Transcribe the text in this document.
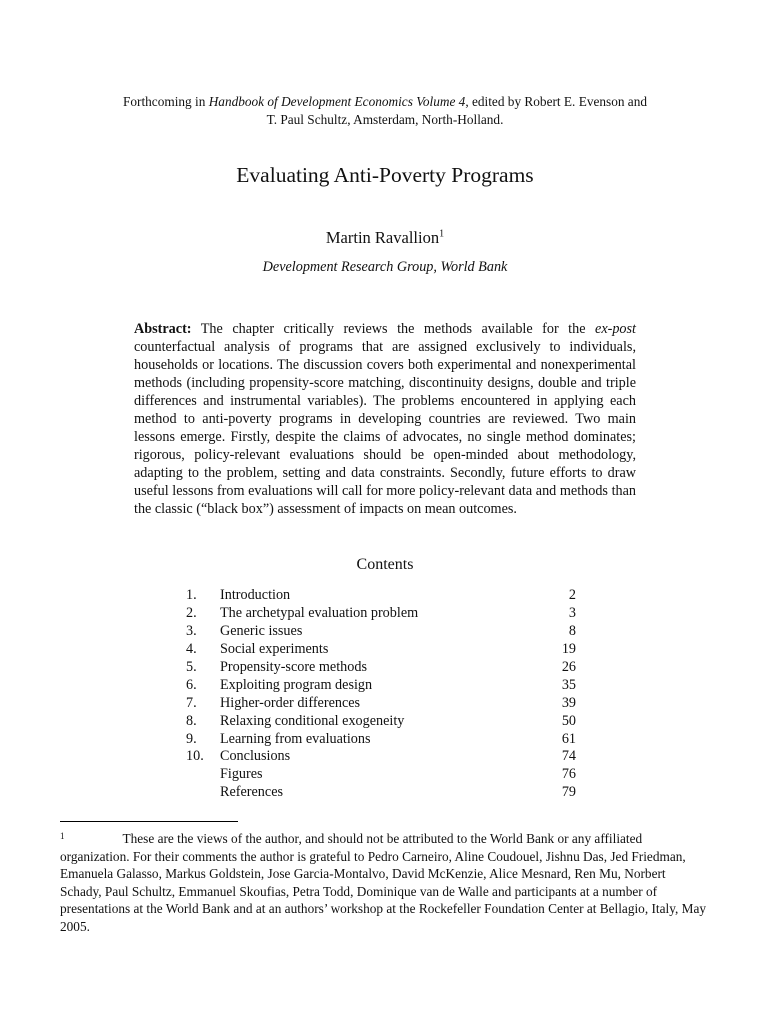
Forthcoming in Handbook of Development Economics Volume 4, edited by Robert E. Evenson and
T. Paul Schultz, Amsterdam, North-Holland.
Evaluating Anti-Poverty Programs
Martin Ravallion$^1$
Development Research Group, World Bank
Abstract: The chapter critically reviews the methods available for the ex-post counterfactual analysis of programs that are assigned exclusively to individuals, households or locations. The discussion covers both experimental and nonexperimental methods (including propensity-score matching, discontinuity designs, double and triple differences and instrumental variables). The problems encountered in applying each method to anti-poverty programs in developing countries are reviewed. Two main lessons emerge. Firstly, despite the claims of advocates, no single method dominates; rigorous, policy-relevant evaluations should be open-minded about methodology, adapting to the problem, setting and data constraints. Secondly, future efforts to draw useful lessons from evaluations will call for more policy-relevant data and methods than the classic (“black box”) assessment of impacts on mean outcomes.
Contents
1.	Introduction	2
2.	The archetypal evaluation problem	3
3.	Generic issues	8
4.	Social experiments	19
5.	Propensity-score methods	26
6.	Exploiting program design	35
7.	Higher-order differences	39
8.	Relaxing conditional exogeneity	50
9.	Learning from evaluations	61
10.	Conclusions	74
Figures	76
References	79
$^1$	These are the views of the author, and should not be attributed to the World Bank or any affiliated organization. For their comments the author is grateful to Pedro Carneiro, Aline Coudouel, Jishnu Das, Jed Friedman, Emanuela Galasso, Markus Goldstein, Jose Garcia-Montalvo, David McKenzie, Alice Mesnard, Ren Mu, Norbert Schady, Paul Schultz, Emmanuel Skoufias, Petra Todd, Dominique van de Walle and participants at a number of presentations at the World Bank and at an authors’ workshop at the Rockefeller Foundation Center at Bellagio, Italy, May 2005.
